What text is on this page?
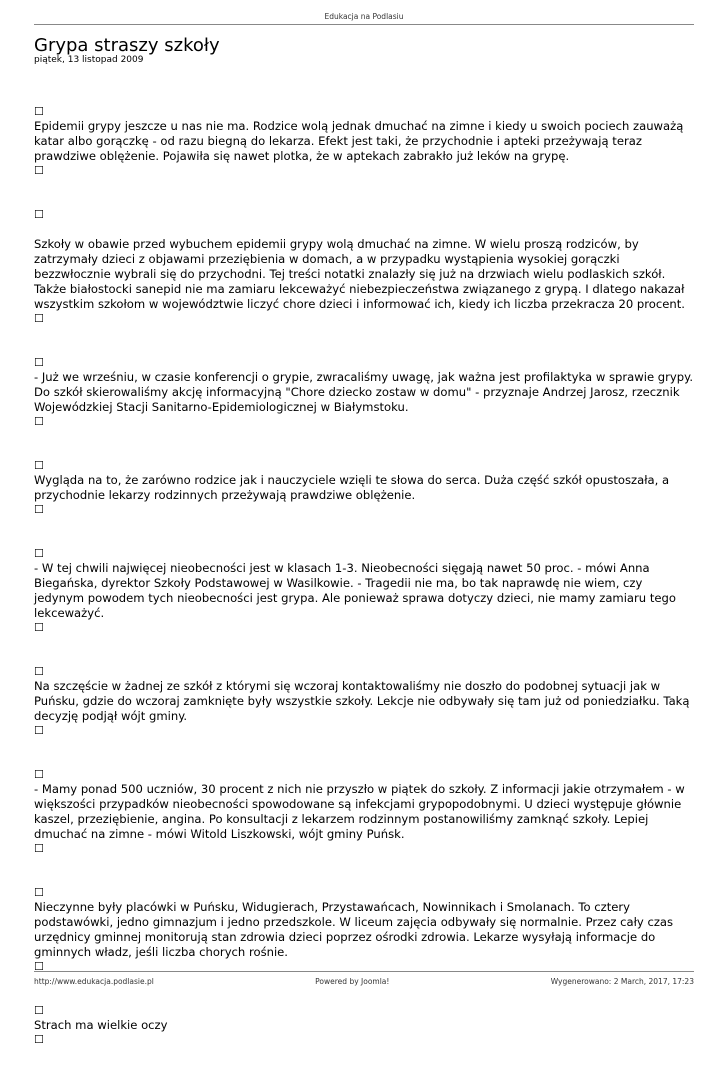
Edukacja na Podlasiu
Grypa straszy szkoły
piątek, 13 listopad 2009
☐
Epidemii grypy jeszcze u nas nie ma. Rodzice wolą jednak dmuchać na zimne i kiedy u swoich pociech zauważą katar albo gorączkę - od razu biegną do lekarza. Efekt jest taki, że przychodnie i apteki przeżywają teraz prawdziwe oblężenie. Pojawiła się nawet plotka, że w aptekach zabrakło już leków na grypę.
☐
☐
Szkoły w obawie przed wybuchem epidemii grypy wolą dmuchać na zimne. W wielu proszą rodziców, by zatrzymały dzieci z objawami przeziębienia w domach, a w przypadku wystąpienia wysokiej gorączki bezzwłocznie wybrali się do przychodni. Tej treści notatki znalazły się już na drzwiach wielu podlaskich szkół. Także białostocki sanepid nie ma zamiaru lekceważyć niebezpieczeństwa związanego z grypą. I dlatego nakazał wszystkim szkołom w województwie liczyć chore dzieci i informować ich, kiedy ich liczba przekracza 20 procent.
☐
☐
- Już we wrześniu, w czasie konferencji o grypie, zwracaliśmy uwagę, jak ważna jest profilaktyka w sprawie grypy. Do szkół skierowaliśmy akcję informacyjną "Chore dziecko zostaw w domu" - przyznaje Andrzej Jarosz, rzecznik Wojewódzkiej Stacji Sanitarno-Epidemiologicznej w Białymstoku.
☐
☐
Wygląda na to, że zarówno rodzice jak i nauczyciele wzięli te słowa do serca. Duża część szkół opustoszała, a przychodnie lekarzy rodzinnych przeżywają prawdziwe oblężenie.
☐
☐
- W tej chwili najwięcej nieobecności jest w klasach 1-3. Nieobecności sięgają nawet 50 proc. - mówi Anna Biegańska, dyrektor Szkoły Podstawowej w Wasilkowie. - Tragedii nie ma, bo tak naprawdę nie wiem, czy jedynym powodem tych nieobecności jest grypa. Ale ponieważ sprawa dotyczy dzieci, nie mamy zamiaru tego lekceważyć.
☐
☐
Na szczęście w żadnej ze szkół z którymi się wczoraj kontaktowaliśmy nie doszło do podobnej sytuacji jak w Puńsku, gdzie do wczoraj zamknięte były wszystkie szkoły. Lekcje nie odbywały się tam już od poniedziałku. Taką decyzję podjął wójt gminy.
☐
☐
- Mamy ponad 500 uczniów, 30 procent z nich nie przyszło w piątek do szkoły. Z informacji jakie otrzymałem - w większości przypadków nieobecności spowodowane są infekcjami grypopodobnymi. U dzieci występuje głównie kaszel, przeziębienie, angina. Po konsultacji z lekarzem rodzinnym postanowiliśmy zamknąć szkoły. Lepiej dmuchać na zimne - mówi Witold Liszkowski, wójt gminy Puńsk.
☐
☐
Nieczynne były placówki w Puńsku, Widugierach, Przystawańcach, Nowinnikach i Smolanach. To cztery podstawówki, jedno gimnazjum i jedno przedszkole. W liceum zajęcia odbywały się normalnie. Przez cały czas urzędnicy gminnej monitorują stan zdrowia dzieci poprzez ośrodki zdrowia. Lekarze wysyłają informacje do gminnych władz, jeśli liczba chorych rośnie.
☐
☐
Strach ma wielkie oczy
☐
http://www.edukacja.podlasie.pl	Powered by Joomla!	Wygenerowano: 2 March, 2017, 17:23
